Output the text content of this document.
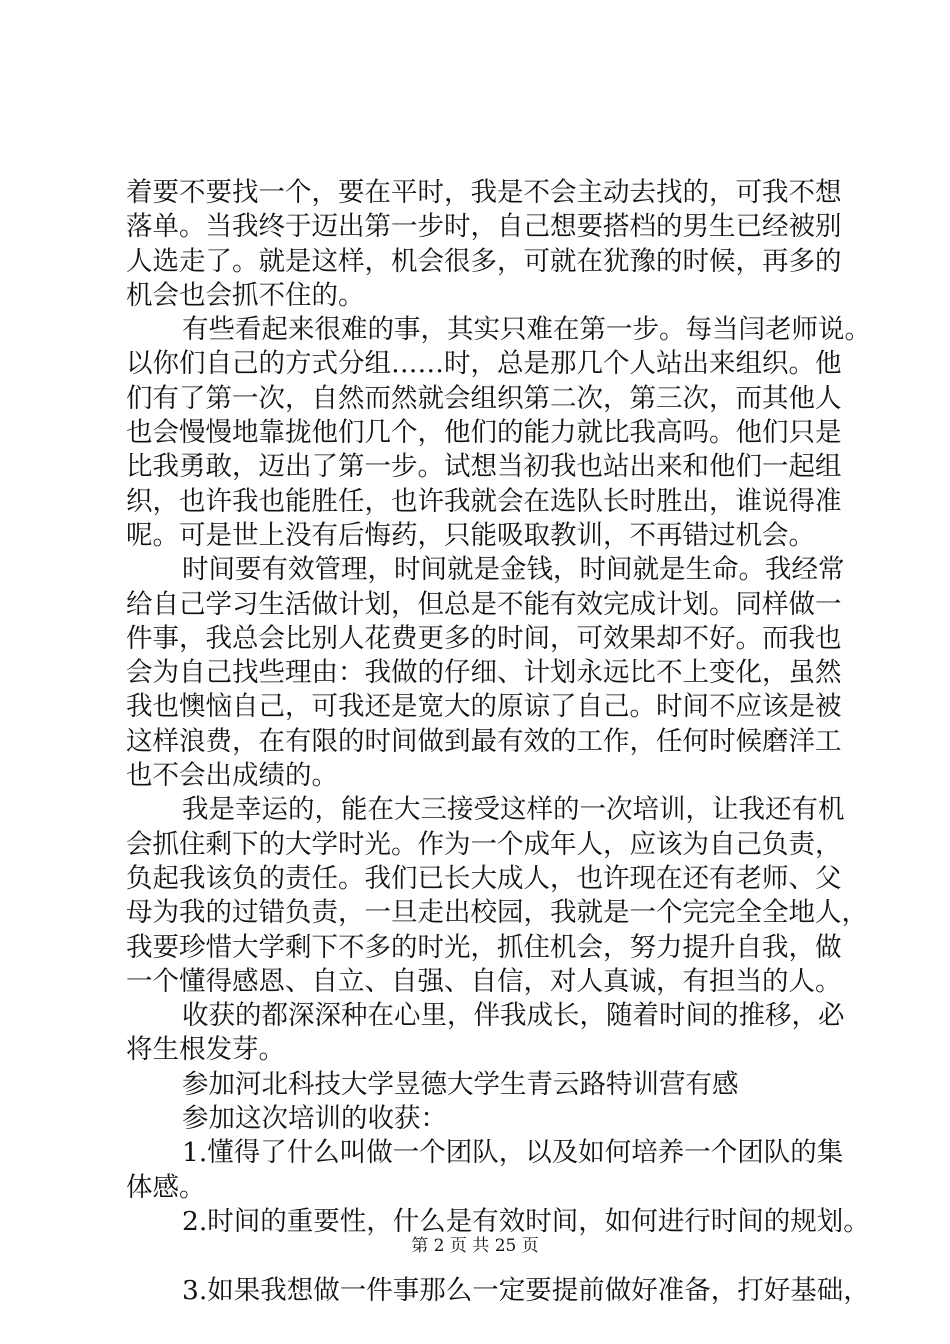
着要不要找一个，要在平时，我是不会主动去找的，可我不想
落单。当我终于迈出第一步时，自己想要搭档的男生已经被别
人选走了。就是这样，机会很多，可就在犹豫的时候，再多的
机会也会抓不住的。
有些看起来很难的事，其实只难在第一步。每当闫老师说。
以你们自己的方式分组……时，总是那几个人站出来组织。他
们有了第一次，自然而然就会组织第二次，第三次，而其他人
也会慢慢地靠拢他们几个，他们的能力就比我高吗。他们只是
比我勇敢，迈出了第一步。试想当初我也站出来和他们一起组
织，也许我也能胜任，也许我就会在选队长时胜出，谁说得准
呢。可是世上没有后悔药，只能吸取教训，不再错过机会。
时间要有效管理，时间就是金钱，时间就是生命。我经常
给自己学习生活做计划，但总是不能有效完成计划。同样做一
件事，我总会比别人花费更多的时间，可效果却不好。而我也
会为自己找些理由：我做的仔细、计划永远比不上变化，虽然
我也懊恼自己，可我还是宽大的原谅了自己。时间不应该是被
这样浪费，在有限的时间做到最有效的工作，任何时候磨洋工
也不会出成绩的。
我是幸运的，能在大三接受这样的一次培训，让我还有机
会抓住剩下的大学时光。作为一个成年人，应该为自己负责，
负起我该负的责任。我们已长大成人，也许现在还有老师、父
母为我的过错负责，一旦走出校园，我就是一个完完全全地人，
我要珍惜大学剩下不多的时光，抓住机会，努力提升自我，做
一个懂得感恩、自立、自强、自信，对人真诚，有担当的人。
收获的都深深种在心里，伴我成长，随着时间的推移，必
将生根发芽。
参加河北科技大学昱德大学生青云路特训营有感
参加这次培训的收获：
1.懂得了什么叫做一个团队，以及如何培养一个团队的集
体感。
2.时间的重要性，什么是有效时间，如何进行时间的规划。
3.如果我想做一件事那么一定要提前做好准备，打好基础，
第 2 页 共 25 页
